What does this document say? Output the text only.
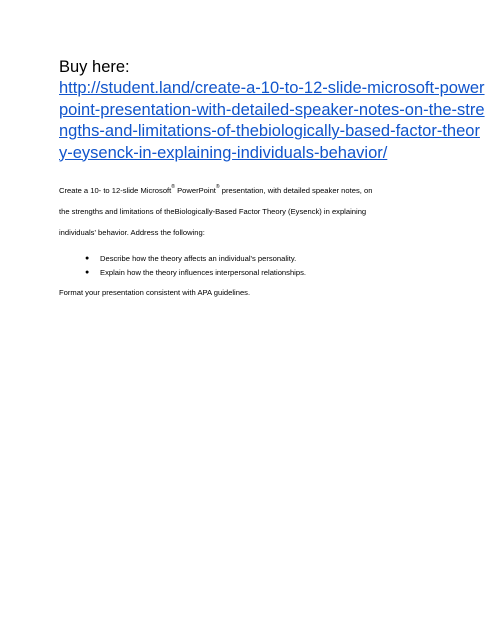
Buy here:

http://student.land/create-a-10-to-12-slide-microsoft-power
point-presentation-with-detailed-speaker-notes-on-the-stre
ngths-and-limitations-of-thebiologically-based-factor-theor
y-eysenck-in-explaining-individuals-behavior/

Create a 10- to 12-slide Microsoft® PowerPoint® presentation, with detailed speaker notes, on
the strengths and limitations of theBiologically-Based Factor Theory (Eysenck) in explaining
individuals' behavior. Address the following:

● Describe how the theory affects an individual's personality.
● Explain how the theory influences interpersonal relationships.

Format your presentation consistent with APA guidelines.
